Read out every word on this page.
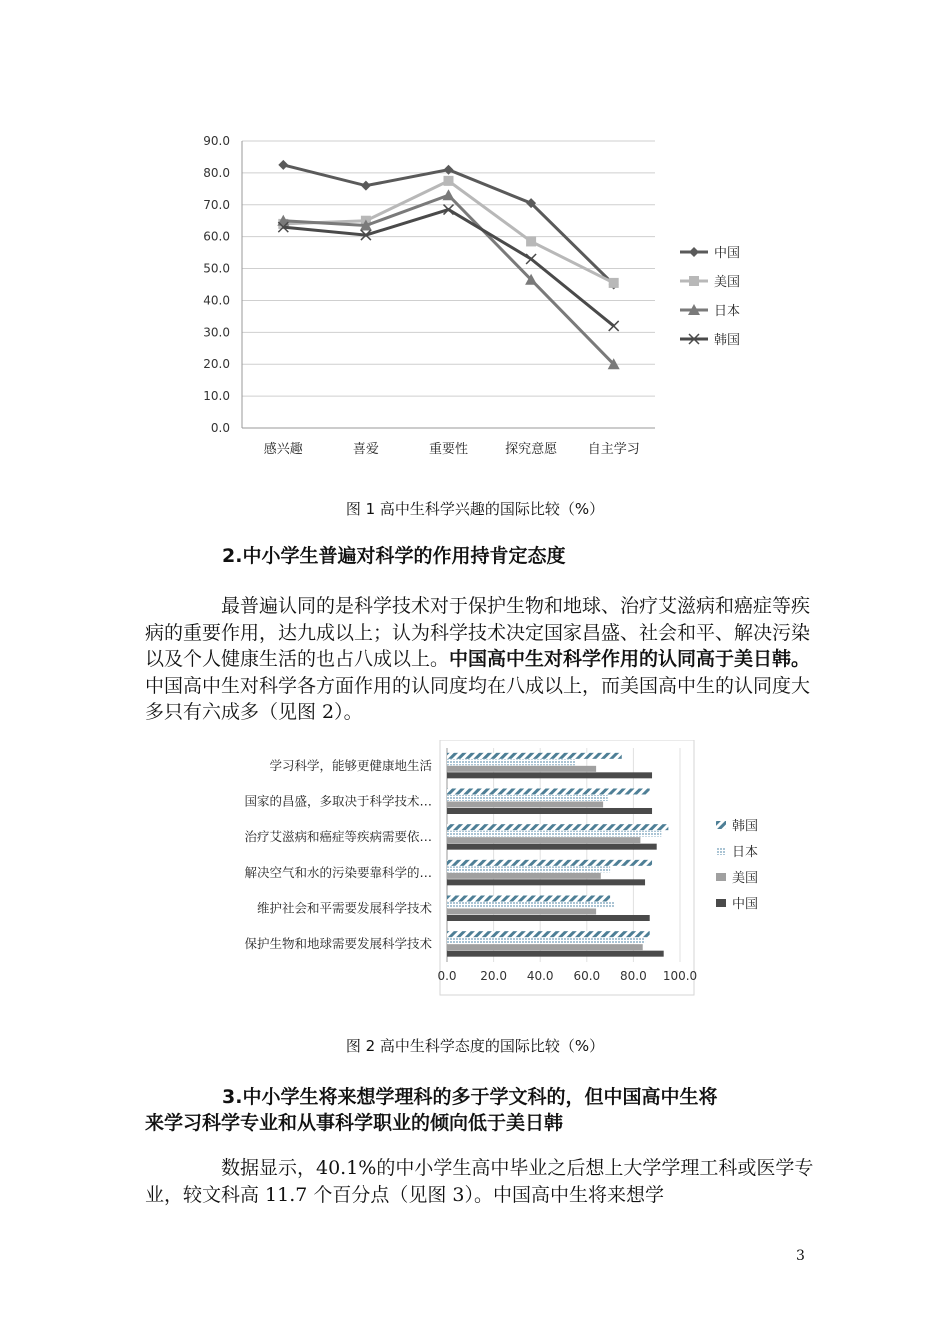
0.0
10.0
20.0
30.0
40.0
50.0
60.0
70.0
80.0
90.0
感兴趣	喜爱	重要性	探究意愿 自主学习
中国
美国
日本
韩国
图 1 高中生科学兴趣的国际比较（%）
2.中小学生普遍对科学的作用持肯定态度

最普遍认同的是科学技术对于保护生物和地球、治疗艾滋病和癌症等疾病的重要作用，达九成以上；认为科学技术决定国家昌盛、社会和平、解决污染以及个人健康生活的也占八成以上。中国高中生对科学作用的认同高于美日韩。中国高中生对科学各方面作用的认同度均在八成以上，而美国高中生的认同度大多只有六成多（见图 2）。

学习科学，能够更健康地生活
国家的昌盛，多取决于科学技术…
治疗艾滋病和癌症等疾病需要依…
解决空气和水的污染要靠科学的…
维护社会和平需要发展科学技术
保护生物和地球需要发展科学技术
0.0 20.0 40.0 60.0 80.0 100.0
韩国
日本
美国
中国
图 2 高中生科学态度的国际比较（%）
3.中小学生将来想学理科的多于学文科的，但中国高中生将
来学习科学专业和从事科学职业的倾向低于美日韩

数据显示，40.1%的中小学生高中毕业之后想上大学学理工科或医学专业，较文科高 11.7 个百分点（见图 3）。中国高中生将来想学

3
